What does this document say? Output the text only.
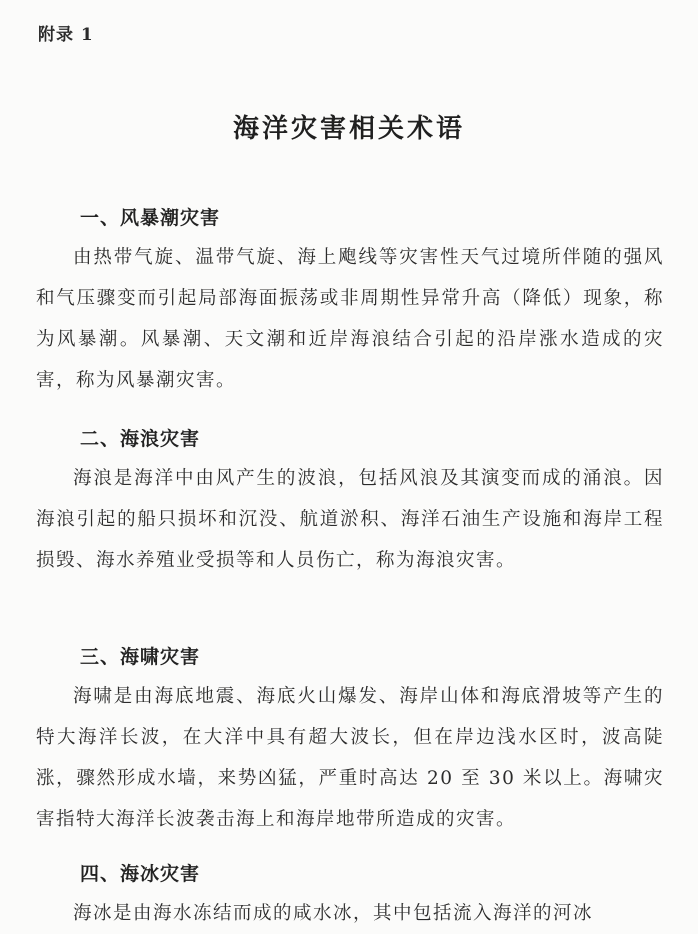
附录 1
海洋灾害相关术语
一、风暴潮灾害
由热带气旋、温带气旋、海上飑线等灾害性天气过境所伴随的强风和气压骤变而引起局部海面振荡或非周期性异常升高（降低）现象，称为风暴潮。风暴潮、天文潮和近岸海浪结合引起的沿岸涨水造成的灾害，称为风暴潮灾害。
二、海浪灾害
海浪是海洋中由风产生的波浪，包括风浪及其演变而成的涌浪。因海浪引起的船只损坏和沉没、航道淤积、海洋石油生产设施和海岸工程损毁、海水养殖业受损等和人员伤亡，称为海浪灾害。
三、海啸灾害
海啸是由海底地震、海底火山爆发、海岸山体和海底滑坡等产生的特大海洋长波，在大洋中具有超大波长，但在岸边浅水区时，波高陡涨，骤然形成水墙，来势凶猛，严重时高达 20 至 30 米以上。海啸灾害指特大海洋长波袭击海上和海岸地带所造成的灾害。
四、海冰灾害
海冰是由海水冻结而成的咸水冰，其中包括流入海洋的河冰
